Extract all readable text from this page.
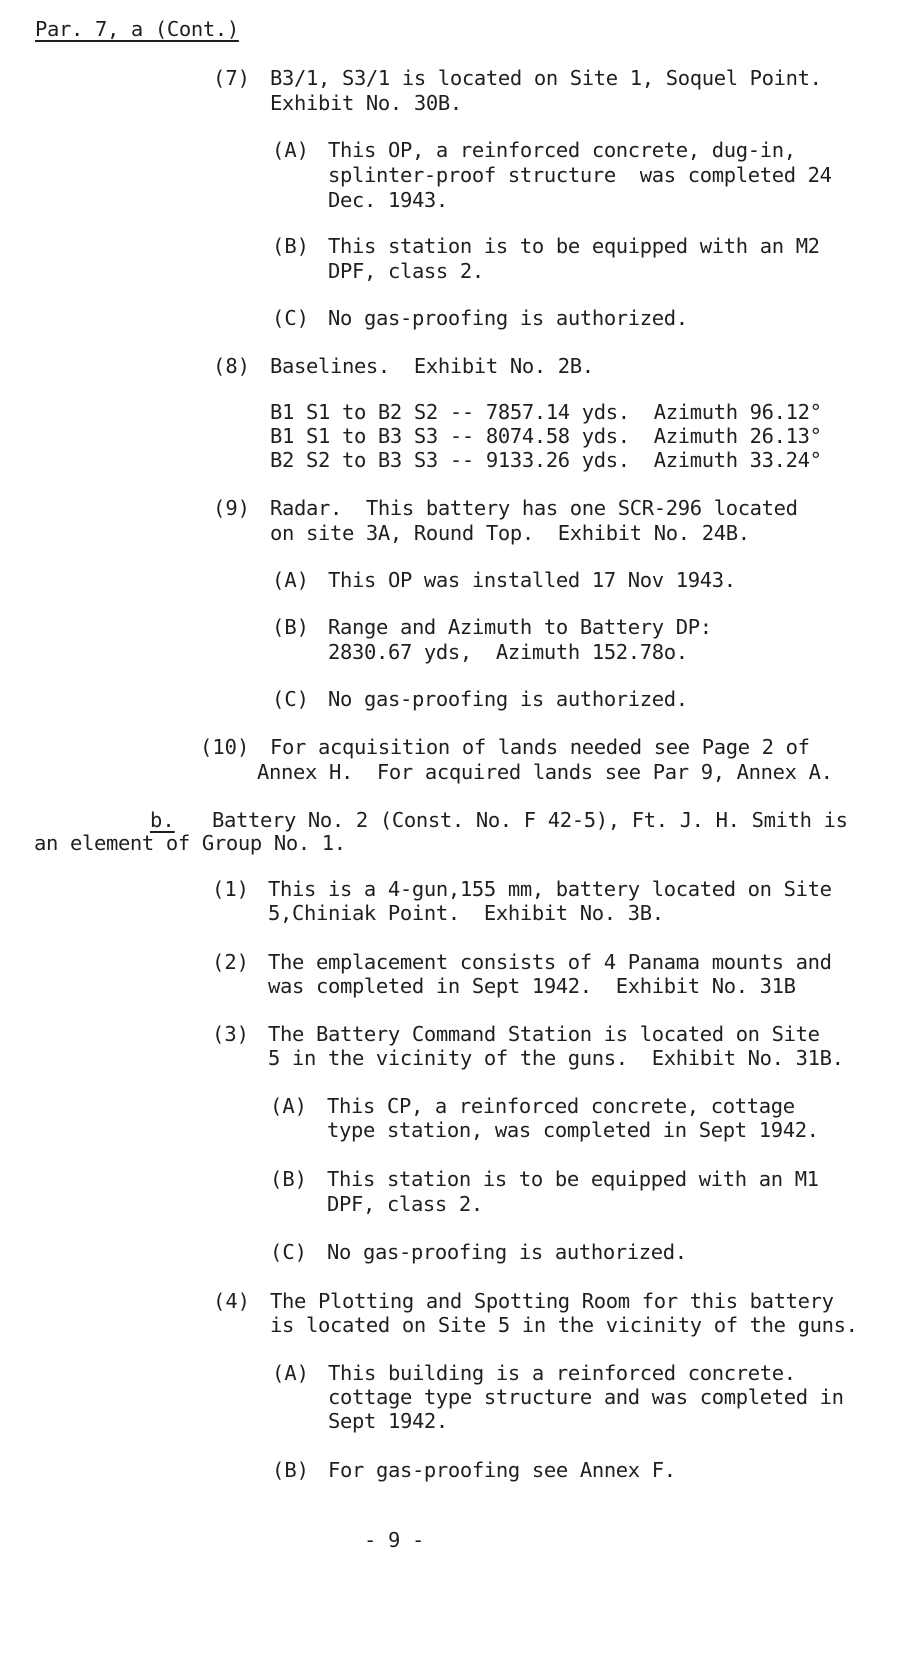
Par. 7, a (Cont.)
(7) B3/1, S3/1 is located on Site 1, Soquel Point.
Exhibit No. 30B.
(A) This OP, a reinforced concrete, dug-in,
splinter-proof structure  was completed 24
Dec. 1943.
(B) This station is to be equipped with an M2
DPF, class 2.
(C) No gas-proofing is authorized.
(8) Baselines.  Exhibit No. 2B.
B1 S1 to B2 S2 -- 7857.14 yds.  Azimuth 96.12°
B1 S1 to B3 S3 -- 8074.58 yds.  Azimuth 26.13°
B2 S2 to B3 S3 -- 9133.26 yds.  Azimuth 33.24°
(9) Radar.  This battery has one SCR-296 located
on site 3A, Round Top.  Exhibit No. 24B.
(A) This OP was installed 17 Nov 1943.
(B) Range and Azimuth to Battery DP:
2830.67 yds,  Azimuth 152.78o.
(C) No gas-proofing is authorized.
(10) For acquisition of lands needed see Page 2 of
Annex H.  For acquired lands see Par 9, Annex A.
b. Battery No. 2 (Const. No. F 42-5), Ft. J. H. Smith is
an element of Group No. 1.
(1) This is a 4-gun,155 mm, battery located on Site
5,Chiniak Point.  Exhibit No. 3B.
(2) The emplacement consists of 4 Panama mounts and
was completed in Sept 1942.  Exhibit No. 31B
(3) The Battery Command Station is located on Site
5 in the vicinity of the guns.  Exhibit No. 31B.
(A) This CP, a reinforced concrete, cottage
type station, was completed in Sept 1942.
(B) This station is to be equipped with an M1
DPF, class 2.
(C) No gas-proofing is authorized.
(4) The Plotting and Spotting Room for this battery
is located on Site 5 in the vicinity of the guns.
(A) This building is a reinforced concrete.
cottage type structure and was completed in
Sept 1942.
(B) For gas-proofing see Annex F.
- 9 -
